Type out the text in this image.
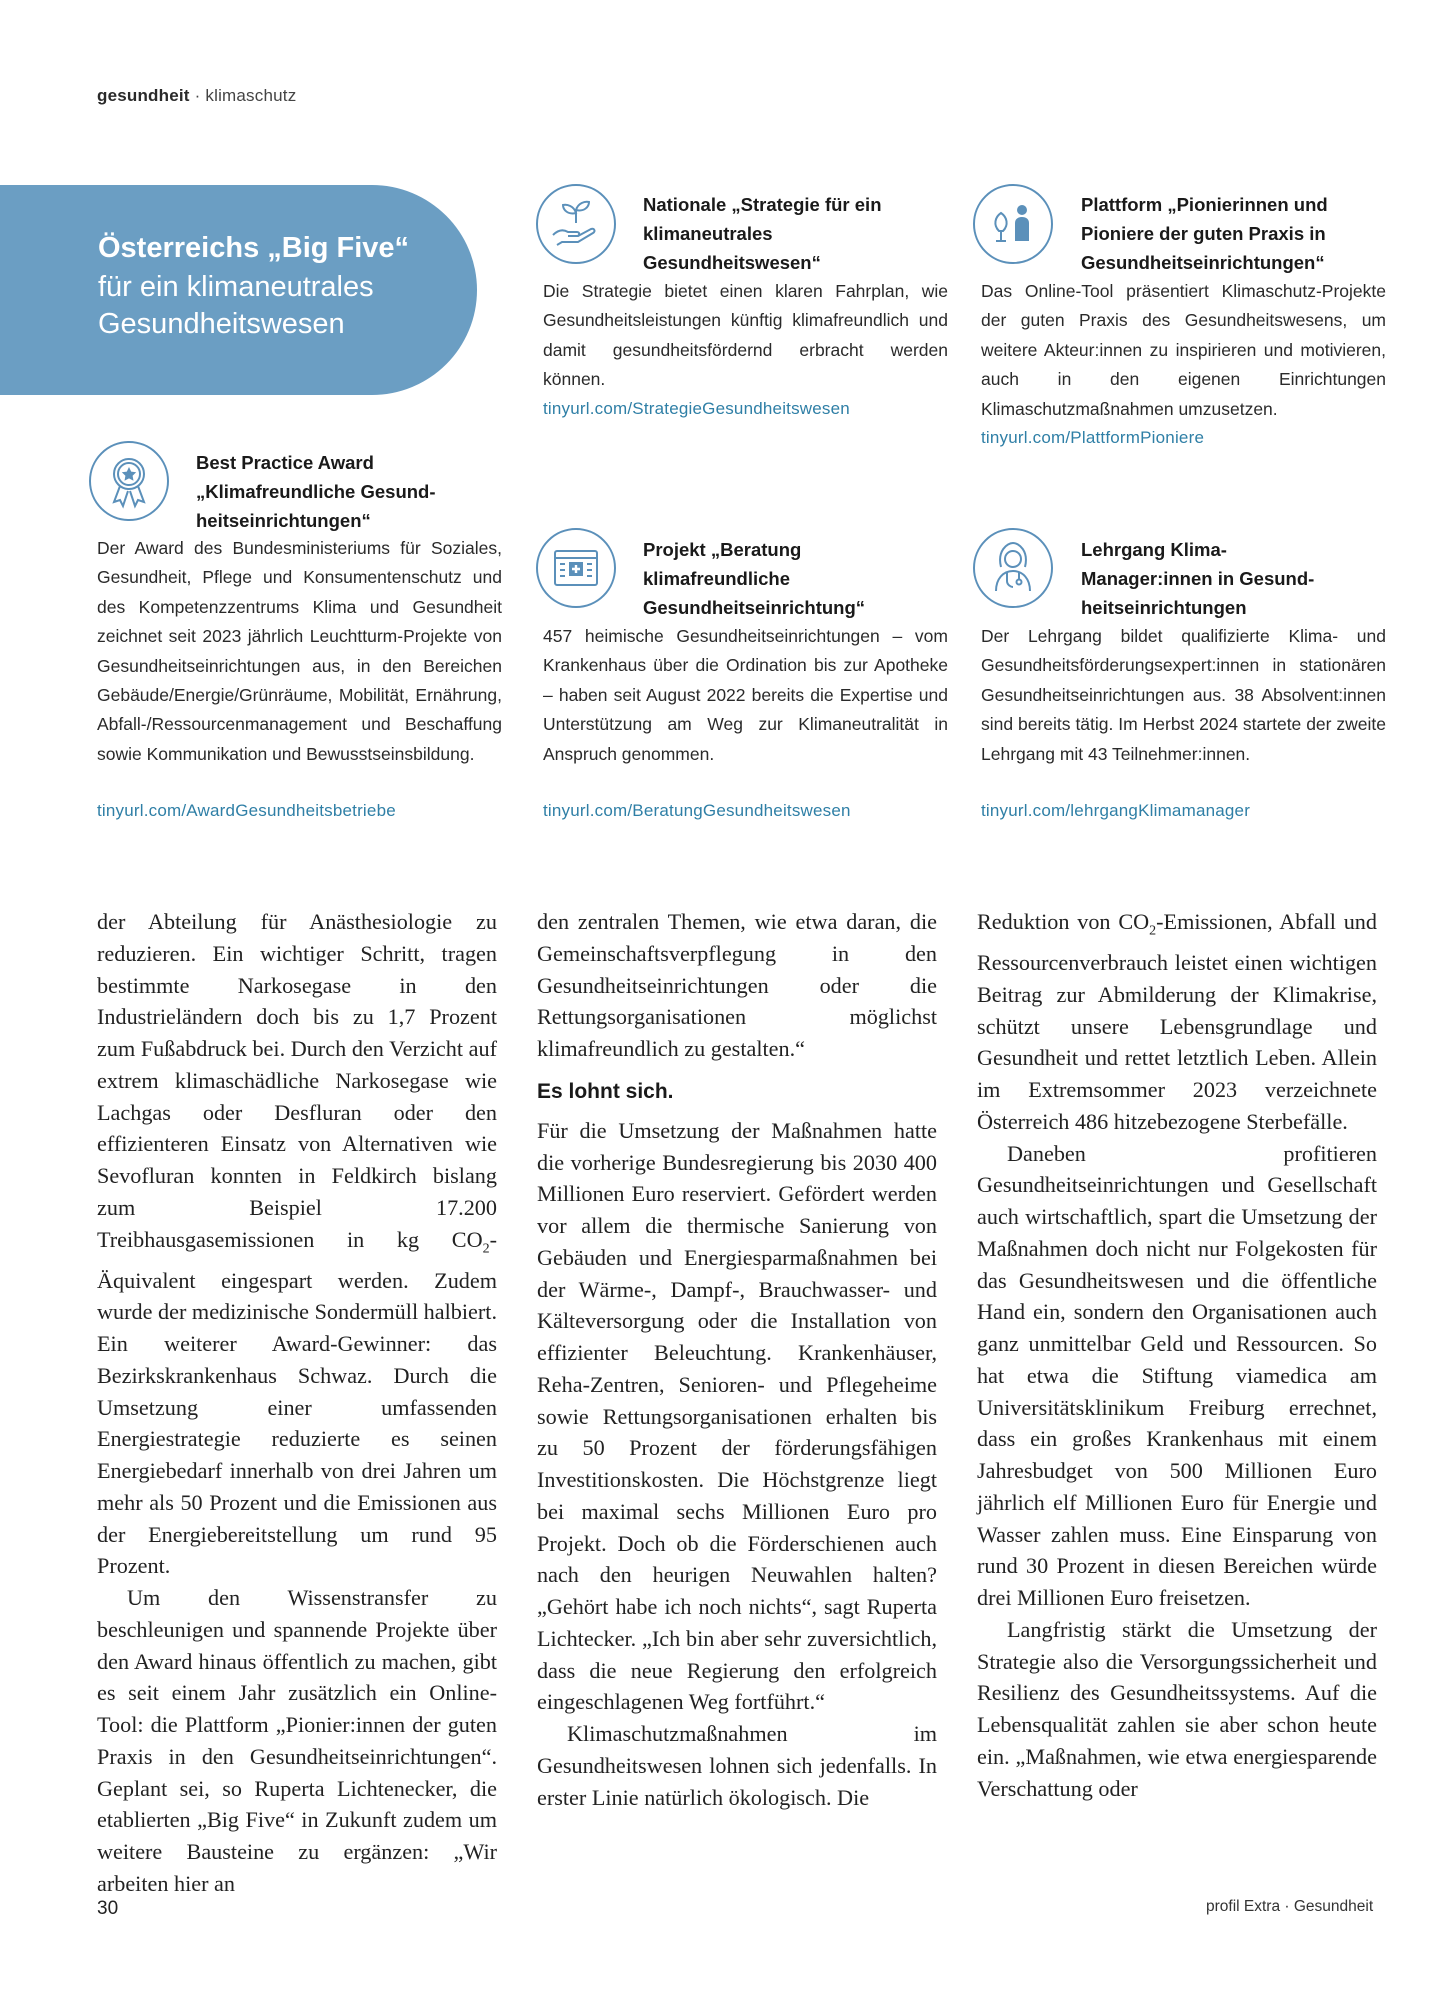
gesundheit · klimaschutz
Österreichs „Big Five“
für ein klimaneutrales Gesundheitswesen
Best Practice Award „Klimafreundliche Gesund-heitseinrichtungen“
Der Award des Bundesministeriums für Soziales, Gesundheit, Pflege und Konsumentenschutz und des Kompetenzzentrums Klima und Gesundheit zeichnet seit 2023 jährlich Leuchtturm-Projekte von Gesundheitseinrichtungen aus, in den Bereichen Gebäude/Energie/Grünräume, Mobilität, Ernährung, Abfall-/Ressourcenmanagement und Beschaffung sowie Kommunikation und Bewusstseinsbildung.
tinyurl.com/AwardGesundheitsbetriebe
Nationale „Strategie für ein klimaneutrales Gesundheitswesen“
Die Strategie bietet einen klaren Fahrplan, wie Gesundheitsleistungen künftig klimafreundlich und damit gesundheitsfördernd erbracht werden können.
tinyurl.com/StrategieGesundheitswesen
Plattform „Pionierinnen und Pioniere der guten Praxis in Gesundheitseinrichtungen“
Das Online-Tool präsentiert Klimaschutz-Projekte der guten Praxis des Gesundheitswesens, um weitere Akteur:innen zu inspirieren und motivieren, auch in den eigenen Einrichtungen Klimaschutzmaßnahmen umzusetzen.
tinyurl.com/PlattformPioniere
Projekt „Beratung klimafreundliche Gesundheitseinrichtung“
457 heimische Gesundheitseinrichtungen – vom Krankenhaus über die Ordination bis zur Apotheke – haben seit August 2022 bereits die Expertise und Unterstützung am Weg zur Klimaneutralität in Anspruch genommen.
tinyurl.com/BeratungGesundheitswesen
Lehrgang Klima-Manager:innen in Gesund-heitseinrichtungen
Der Lehrgang bildet qualifizierte Klima- und Gesundheitsförderungsexpert:innen in stationären Gesundheitseinrichtungen aus. 38 Absolvent:innen sind bereits tätig. Im Herbst 2024 startete der zweite Lehrgang mit 43 Teilnehmer:innen.
tinyurl.com/lehrgangKlimamanager

der Abteilung für Anästhesiologie zu reduzieren. Ein wichtiger Schritt, tragen bestimmte Narkosegase in den Industrieländern doch bis zu 1,7 Prozent zum Fußabdruck bei. Durch den Verzicht auf extrem klimaschädliche Narkosegase wie Lachgas oder Desfluran oder den effizienteren Einsatz von Alternativen wie Sevofluran konnten in Feldkirch bislang zum Beispiel 17.200 Treibhausgasemissionen in kg $CO_2$-Äquivalent eingespart werden. Zudem wurde der medizinische Sondermüll halbiert. Ein weiterer Award-Gewinner: das Bezirkskrankenhaus Schwaz. Durch die Umsetzung einer umfassenden Energiestrategie reduzierte es seinen Energiebedarf innerhalb von drei Jahren um mehr als 50 Prozent und die Emissionen aus der Energiebereitstellung um rund 95 Prozent.

Um den Wissenstransfer zu beschleunigen und spannende Projekte über den Award hinaus öffentlich zu machen, gibt es seit einem Jahr zusätzlich ein Online-Tool: die Plattform „Pionier:innen der guten Praxis in den Gesundheitseinrichtungen“. Geplant sei, so Ruperta Lichtenecker, die etablierten „Big Five“ in Zukunft zudem um weitere Bausteine zu ergänzen: „Wir arbeiten hier an

den zentralen Themen, wie etwa daran, die Gemeinschaftsverpflegung in den Gesundheitseinrichtungen oder die Rettungsorganisationen möglichst klimafreundlich zu gestalten.“

Es lohnt sich.

Für die Umsetzung der Maßnahmen hatte die vorherige Bundesregierung bis 2030 400 Millionen Euro reserviert. Gefördert werden vor allem die thermische Sanierung von Gebäuden und Energiesparmaßnahmen bei der Wärme-, Dampf-, Brauchwasser- und Kälteversorgung oder die Installation von effizienter Beleuchtung. Krankenhäuser, Reha-Zentren, Senioren- und Pflegeheime sowie Rettungsorganisationen erhalten bis zu 50 Prozent der förderungsfähigen Investitionskosten. Die Höchstgrenze liegt bei maximal sechs Millionen Euro pro Projekt. Doch ob die Förderschienen auch nach den heurigen Neuwahlen halten? „Gehört habe ich noch nichts“, sagt Ruperta Lichtecker. „Ich bin aber sehr zuversichtlich, dass die neue Regierung den erfolgreich eingeschlagenen Weg fortführt.“

Klimaschutzmaßnahmen im Gesundheitswesen lohnen sich jedenfalls. In erster Linie natürlich ökologisch. Die

Reduktion von $CO_2$-Emissionen, Abfall und Ressourcenverbrauch leistet einen wichtigen Beitrag zur Abmilderung der Klimakrise, schützt unsere Lebensgrundlage und Gesundheit und rettet letztlich Leben. Allein im Extremsommer 2023 verzeichnete Österreich 486 hitzebezogene Sterbefälle.

Daneben profitieren Gesundheitseinrichtungen und Gesellschaft auch wirtschaftlich, spart die Umsetzung der Maßnahmen doch nicht nur Folgekosten für das Gesundheitswesen und die öffentliche Hand ein, sondern den Organisationen auch ganz unmittelbar Geld und Ressourcen. So hat etwa die Stiftung viamedica am Universitätsklinikum Freiburg errechnet, dass ein großes Krankenhaus mit einem Jahresbudget von 500 Millionen Euro jährlich elf Millionen Euro für Energie und Wasser zahlen muss. Eine Einsparung von rund 30 Prozent in diesen Bereichen würde drei Millionen Euro freisetzen.

Langfristig stärkt die Umsetzung der Strategie also die Versorgungssicherheit und Resilienz des Gesundheitssystems. Auf die Lebensqualität zahlen sie aber schon heute ein. „Maßnahmen, wie etwa energiesparende Verschattung oder

30	profil Extra · Gesundheit
